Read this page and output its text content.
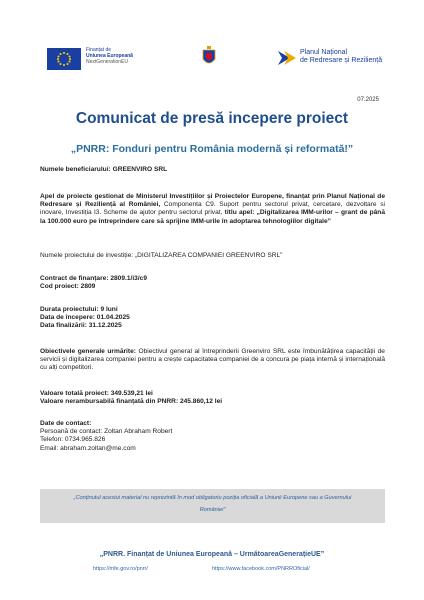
Finanțat de
Uniunea Europeană
NextGenerationEU
Planul Național
de Redresare și Reziliență
07.2025
Comunicat de presă incepere proiect
„PNRR: Fonduri pentru România modernă și reformată!”
Numele beneficiarului: GREENVIRO SRL
Apel de proiecte gestionat de Ministerul Investițiilor și Proiectelor Europene, finanțat prin Planul Național de Redresare și Reziliență al României, Componenta C9. Suport pentru sectorul privat, cercetare, dezvoltare si inovare, Investiția I3. Scheme de ajutor pentru sectorul privat, titlu apel: „Digitalizarea IMM-urilor – grant de până la 100.000 euro pe întreprindere care să sprijine IMM-urile în adoptarea tehnologiilor digitale”
Numele proiectului de investiție: „DIGITALIZAREA COMPANIEI GREENVIRO SRL”
Contract de finanțare: 2809.1/i3/c9
Cod proiect: 2809
Durata proiectului: 9 luni
Data de începere: 01.04.2025
Data finalizării: 31.12.2025
Obiectivele generale urmărite: Obiectivul general al întreprinderii Greenviro SRL este îmbunătățirea capacității de servicii și digitalizarea companiei pentru a crește capacitatea companiei de a concura pe piața internă și internațională cu alți competitori.
Valoare totală proiect: 349.539,21 lei
Valoare nerambursabilă finanțată din PNRR: 245.860,12 lei
Date de contact:
Persoană de contact: Zoltan Abraham Robert
Telefon: 0734.965.826
Email: abraham.zoltan@me.com
„Conținutul acestui material nu reprezintă în mod obligatoriu poziția oficială a Uniunii Europene sau a Guvernului
României”
„PNRR. Finanțat de Uniunea Europeană – UrmătoareaGenerațieUE”
https://mfe.gov.ro/pnrr/	https://www.facebook.com/PNRROficial/
